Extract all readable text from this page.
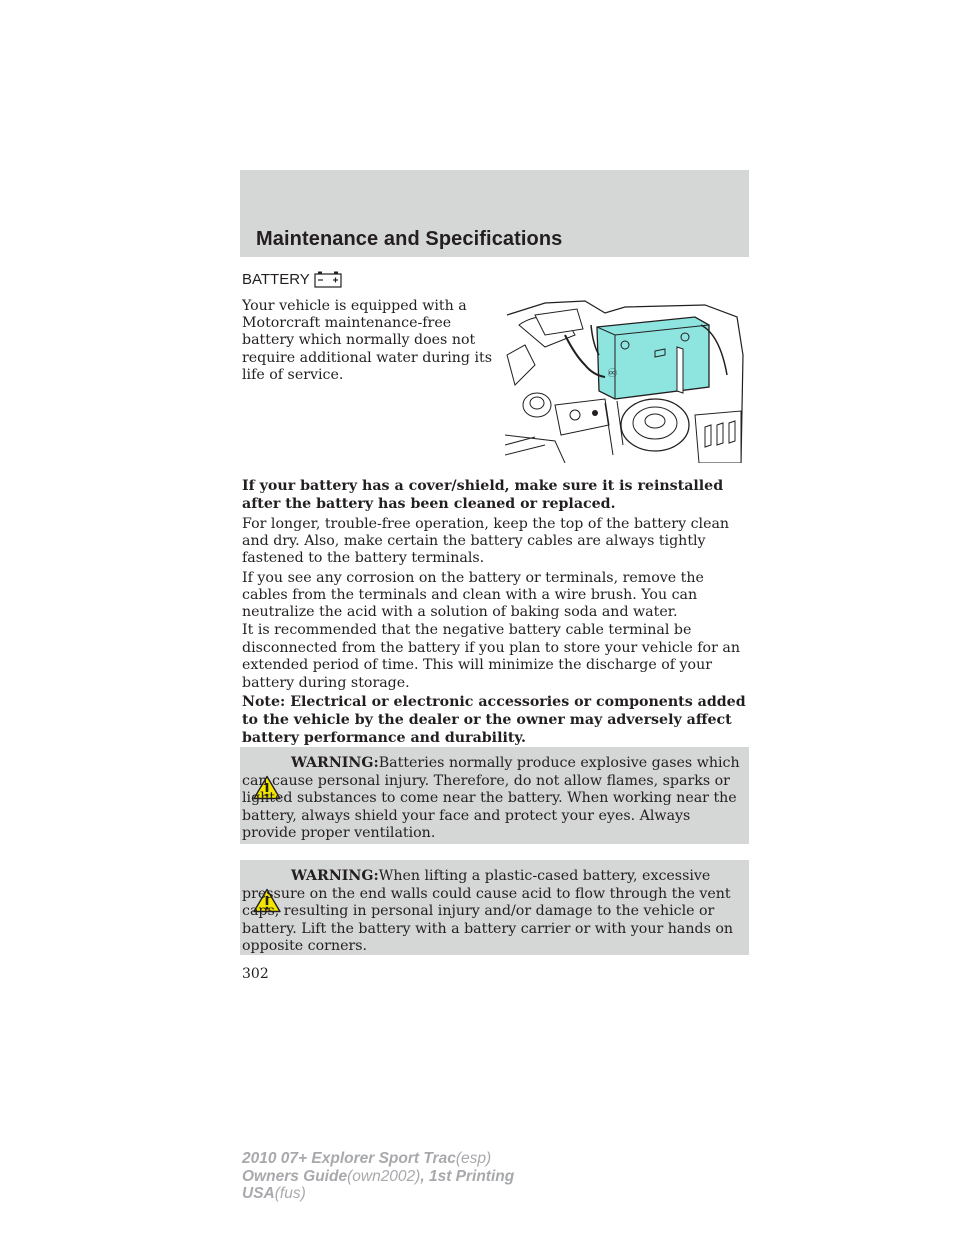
Maintenance and Specifications
BATTERY

Your vehicle is equipped with a Motorcraft maintenance-free battery which normally does not require additional water during its life of service.	♾

If your battery has a cover/shield, make sure it is reinstalled after the battery has been cleaned or replaced.

For longer, trouble-free operation, keep the top of the battery clean and dry. Also, make certain the battery cables are always tightly fastened to the battery terminals.

If you see any corrosion on the battery or terminals, remove the cables from the terminals and clean with a wire brush. You can neutralize the acid with a solution of baking soda and water.

It is recommended that the negative battery cable terminal be disconnected from the battery if you plan to store your vehicle for an extended period of time. This will minimize the discharge of your battery during storage.

Note: Electrical or electronic accessories or components added to the vehicle by the dealer or the owner may adversely affect battery performance and durability.

WARNING:Batteries normally produce explosive gases which can cause personal injury. Therefore, do not allow flames, sparks or lighted substances to come near the battery. When working near the battery, always shield your face and protect your eyes. Always provide proper ventilation.

WARNING:When lifting a plastic-cased battery, excessive pressure on the end walls could cause acid to flow through the vent caps, resulting in personal injury and/or damage to the vehicle or battery. Lift the battery with a battery carrier or with your hands on opposite corners.

302
2010 07+ Explorer Sport Trac(esp)
Owners Guide(own2002), 1st Printing
USA(fus)
